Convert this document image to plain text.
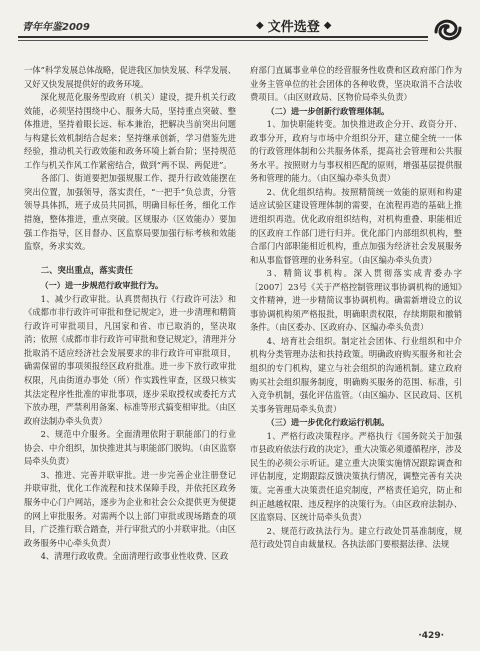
青年年鉴2009	◆ 文件选登 ◆

一体”科学发展总体战略，促进我区加快发展、科学发展、又好又快发展提供好的政务环境。

深化规范化服务型政府（机关）建设，提升机关行政效能，必须坚持围绕中心、服务大局，坚持重点突破、整体推进，坚持着眼长远、标本兼治，把解决当前突出问题与构建长效机制结合起来；坚持继承创新，学习借鉴先进经验，推动机关行政效能和政务环境上新台阶；坚持规范工作与机关作风工作紧密结合，做到“两不误、两促进”。

各部门、街道要把加强规服工作、提升行政效能摆在突出位置，加强领导，落实责任，“一把手”负总责，分管领导具体抓，班子成员共同抓，明确目标任务，细化工作措施，整体推进，重点突破。区规服办（区效能办）要加强工作指导，区目督办、区监察局要加强行标考核和效能监察，务求实效。

二、突出重点，落实责任

（一）进一步规范行政审批行为。

1、减少行政审批。认真贯彻执行《行政许可法》和《成都市非行政许可审批和登记规定》，进一步清理和精简行政许可审批项目，凡国家和省、市已取消的，坚决取消；依照《成都市非行政许可审批和登记规定》，清理并分批取消不适应经济社会发展要求的非行政许可审批项目，确需保留的事项须报经区政府批准。进一步下放行政审批权限，凡由街道办事处（所）作实践性审查，区级只核实其法定程序性批准的审批事项，逐步采取授权或委托方式下放办理，严禁利用备案、标准等形式搞变相审批。（由区政府法制办牵头负责）

2、规范中介服务。全面清理依附于职能部门的行业协会、中介组织，加快推进其与职能部门脱钩。（由区监察局牵头负责）

3、推进、完善并联审批。进一步完善企业注册登记并联审批，优化工作流程和技术保障手段，并依托区政务服务中心门户网站，逐步为企业和社会公众提供更为便捷的网上审批服务。对需两个以上部门审批或现场踏查的项目，广泛推行联合踏查，并行审批式的小并联审批。（由区政务服务中心牵头负责）

4、清理行政收费。全面清理行政事业性收费、区政

府部门直属事业单位的经营服务性收费和区政府部门作为业务主管单位的社会团体的各种收费，坚决取消不合法收费项目。（由区财政局、区物价局牵头负责）

（二）进一步创新行政管理体制。

1、加快职能转变。加快推进政企分开、政资分开、政事分开，政府与市场中介组织分开，建立健全统一一体的行政管理体制和公共服务体系，提高社会管理和公共服务水平。按照财力与事权相匹配的原则，增强基层提供服务和管理的能力。（由区编办牵头负责）

2、优化组织结构。按照精简统一效能的原则和构建适应试验区建设管理体制的需要，在流程再造的基础上推进组织再造。优化政府组织结构，对机构重叠、职能相近的区政府工作部门进行归并。优化部门内部组织机构，整合部门内部职能相近机构，重点加强为经济社会发展服务和从事监督管理的业务科室。（由区编办牵头负责）

3、精简议事机构。深入贯彻落实成青委办字〔2007〕23号《关于严格控制管理议事协调机构的通知》文件精神，进一步精简议事协调机构。确需新增设立的议事协调机构须严格报批，明确职责权限，存续期限和撤销条件。（由区委办、区政府办、区编办牵头负责）

4、培育社会组织。制定社会团体、行业组织和中介机构分类管理办法和扶持政策。明确政府购买服务和社会组织的专门机构，建立与社会组织的沟通机制。建立政府购买社会组织服务制度，明确购买服务的范围、标准，引入竞争机制，强化评估监管。（由区编办、区民政局、区机关事务管理局牵头负责）

（三）进一步优化行政运行机制。

1、严格行政决策程序。严格执行《国务院关于加强市县政府依法行政的决定》，重大决策必须遵循程序，涉及民生的必须公示听证。建立重大决策实施情况跟踪调查和评估制度，定期跟踪反馈决策执行情况，调整完善有关决策。完善重大决策责任追究制度，严格责任追究，防止和纠正越越权限、违反程序的决策行为。（由区政府法制办、区监察局、区统计局牵头负责）

2、规范行政执法行为。建立行政处罚基准制度，规范行政处罚自由裁量权。各执法部门要根据法律、法规

·429·
